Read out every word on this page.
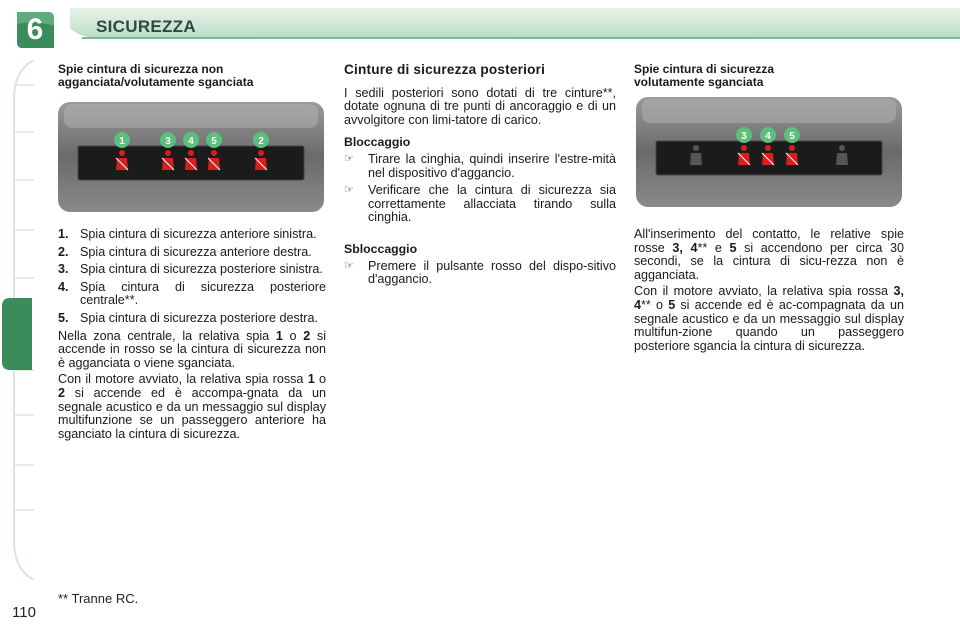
6	SICUREZZA
Spie cintura di sicurezza non
agganciata/volutamente sganciata
1	3 4 5	2
1. Spia cintura di sicurezza anteriore sinistra.
2. Spia cintura di sicurezza anteriore destra.
3. Spia cintura di sicurezza posteriore sinistra.
4. Spia cintura di sicurezza posteriore centrale**.
5. Spia cintura di sicurezza posteriore destra.

Nella zona centrale, la relativa spia 1 o 2 si accende in rosso se la cintura di sicurezza non è agganciata o viene sganciata.

Con il motore avviato, la relativa spia rossa 1 o 2 si accende ed è accompa-gnata da un segnale acustico e da un messaggio sul display multifunzione se un passeggero anteriore ha sganciato la cintura di sicurezza.

Cinture di sicurezza posteriori

I sedili posteriori sono dotati di tre cinture**, dotate ognuna di tre punti di ancoraggio e di un avvolgitore con limi-tatore di carico.

Bloccaggio
☞	Tirare la cinghia, quindi inserire l'estre-mità nel dispositivo d'aggancio.
☞	Verificare che la cintura di sicurezza sia correttamente allacciata tirando sulla cinghia.
Sbloccaggio
☞	Premere il pulsante rosso del dispo-sitivo d'aggancio.
Spie cintura di sicurezza
volutamente sganciata
3 4 5

All'inserimento del contatto, le relative spie rosse 3, 4** e 5 si accendono per circa 30 secondi, se la cintura di sicu-rezza non è agganciata.

Con il motore avviato, la relativa spia rossa 3, 4** o 5 si accende ed è ac-compagnata da un segnale acustico e da un messaggio sul display multifun-zione quando un passeggero posteriore sgancia la cintura di sicurezza.

** Tranne RC.
110
